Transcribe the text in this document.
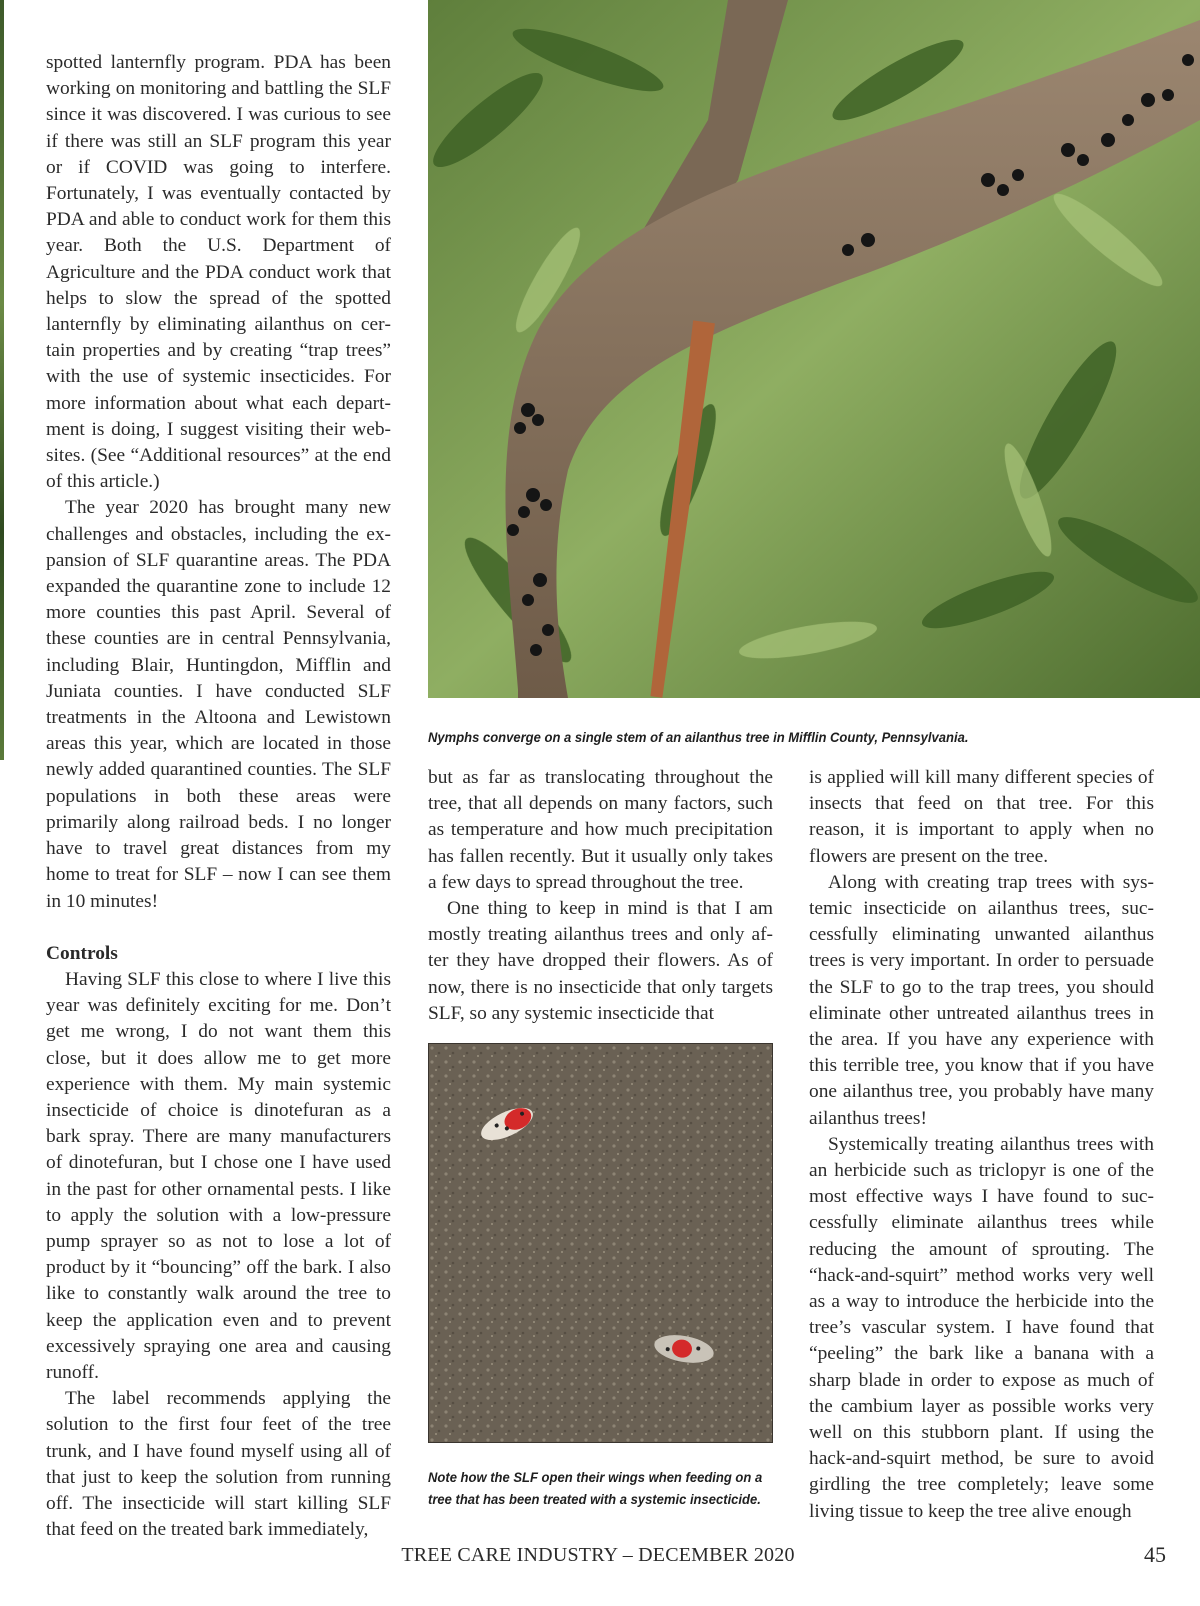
spotted lanternfly program. PDA has been working on monitoring and battling the SLF since it was discovered. I was curious to see if there was still an SLF program this year or if COVID was going to interfere. Fortunately, I was eventually contacted by PDA and able to conduct work for them this year. Both the U.S. Department of Agriculture and the PDA conduct work that helps to slow the spread of the spotted lanternfly by eliminating ailanthus on certain properties and by creating “trap trees” with the use of systemic insecticides. For more information about what each department is doing, I suggest visiting their websites. (See “Additional resources” at the end of this article.)

The year 2020 has brought many new challenges and obstacles, including the expansion of SLF quarantine areas. The PDA expanded the quarantine zone to include 12 more counties this past April. Several of these counties are in central Pennsylvania, including Blair, Huntingdon, Mifflin and Juniata counties. I have conducted SLF treatments in the Altoona and Lewistown areas this year, which are located in those newly added quarantined counties. The SLF populations in both these areas were primarily along railroad beds. I no longer have to travel great distances from my home to treat for SLF – now I can see them in 10 minutes!

Controls

Having SLF this close to where I live this year was definitely exciting for me. Don’t get me wrong, I do not want them this close, but it does allow me to get more experience with them. My main systemic insecticide of choice is dinotefuran as a bark spray. There are many manufacturers of dinotefuran, but I chose one I have used in the past for other ornamental pests. I like to apply the solution with a low-pressure pump sprayer so as not to lose a lot of product by it “bouncing” off the bark. I also like to constantly walk around the tree to keep the application even and to prevent excessively spraying one area and causing runoff.

The label recommends applying the solution to the first four feet of the tree trunk, and I have found myself using all of that just to keep the solution from running off. The insecticide will start killing SLF that feed on the treated bark immediately,

Nymphs converge on a single stem of an ailanthus tree in Mifflin County, Pennsylvania.

but as far as translocating throughout the tree, that all depends on many factors, such as temperature and how much precipitation has fallen recently. But it usually only takes a few days to spread throughout the tree.

One thing to keep in mind is that I am mostly treating ailanthus trees and only after they have dropped their flowers. As of now, there is no insecticide that only targets SLF, so any systemic insecticide that

Note how the SLF open their wings when feeding on a tree that has been treated with a systemic insecticide.

is applied will kill many different species of insects that feed on that tree. For this reason, it is important to apply when no flowers are present on the tree.

Along with creating trap trees with systemic insecticide on ailanthus trees, successfully eliminating unwanted ailanthus trees is very important. In order to persuade the SLF to go to the trap trees, you should eliminate other untreated ailanthus trees in the area. If you have any experience with this terrible tree, you know that if you have one ailanthus tree, you probably have many ailanthus trees!

Systemically treating ailanthus trees with an herbicide such as triclopyr is one of the most effective ways I have found to successfully eliminate ailanthus trees while reducing the amount of sprouting. The “hack-and-squirt” method works very well as a way to introduce the herbicide into the tree’s vascular system. I have found that “peeling” the bark like a banana with a sharp blade in order to expose as much of the cambium layer as possible works very well on this stubborn plant. If using the hack-and-squirt method, be sure to avoid girdling the tree completely; leave some living tissue to keep the tree alive enough

TREE CARE INDUSTRY – DECEMBER 2020	45
